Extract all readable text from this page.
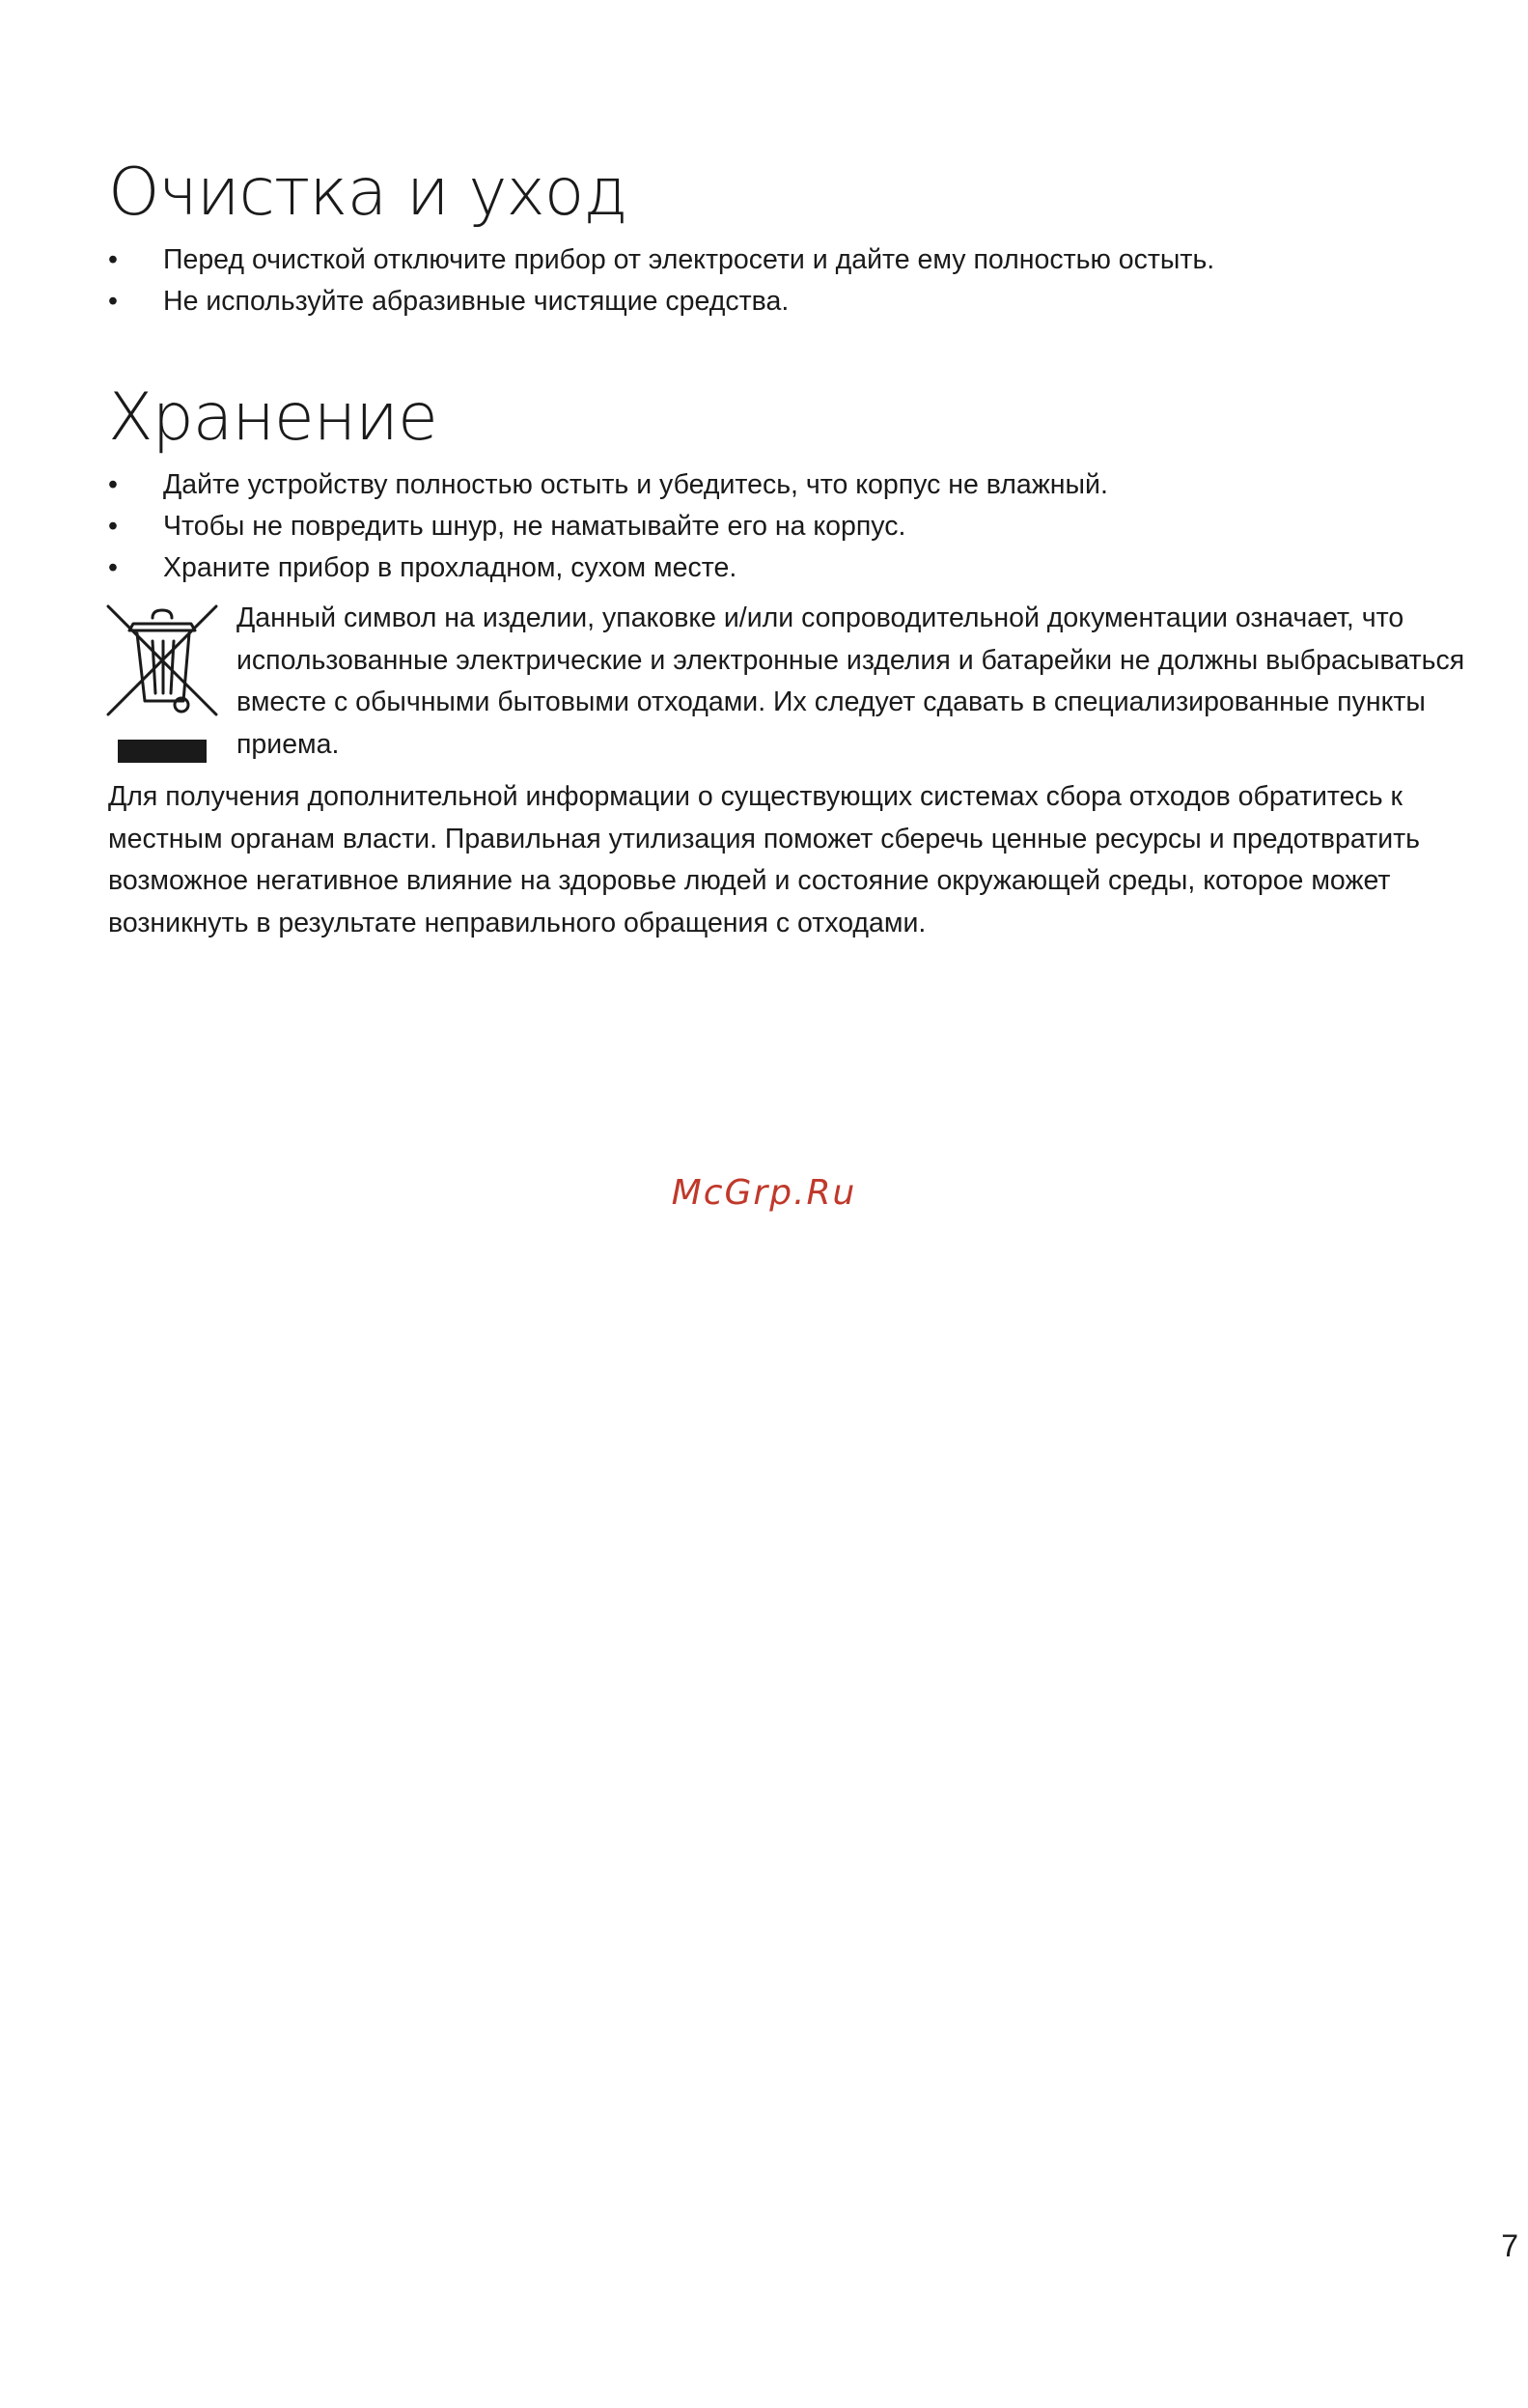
Очистка и уход
•	Перед очисткой отключите прибор от электросети и дайте ему полностью остыть.
•	Не используйте абразивные чистящие средства.
Хранение
•	Дайте устройству полностью остыть и убедитесь, что корпус не влажный.
•	Чтобы не повредить шнур, не наматывайте его на корпус.
•	Храните прибор в прохладном, сухом месте.

Данный символ на изделии, упаковке и/или сопроводительной документации означает, что использованные электрические и электронные изделия и батарейки не должны выбрасываться вместе с обычными бытовыми отходами. Их следует сдавать в специализированные пункты приема.

Для получения дополнительной информации о существующих системах сбора отходов обратитесь к местным органам власти. Правильная утилизация поможет сберечь ценные ресурсы и предотвратить возможное негативное влияние на здоровье людей и состояние окружающей среды, которое может возникнуть в результате неправильного обращения с отходами.

McGrp.Ru
7
